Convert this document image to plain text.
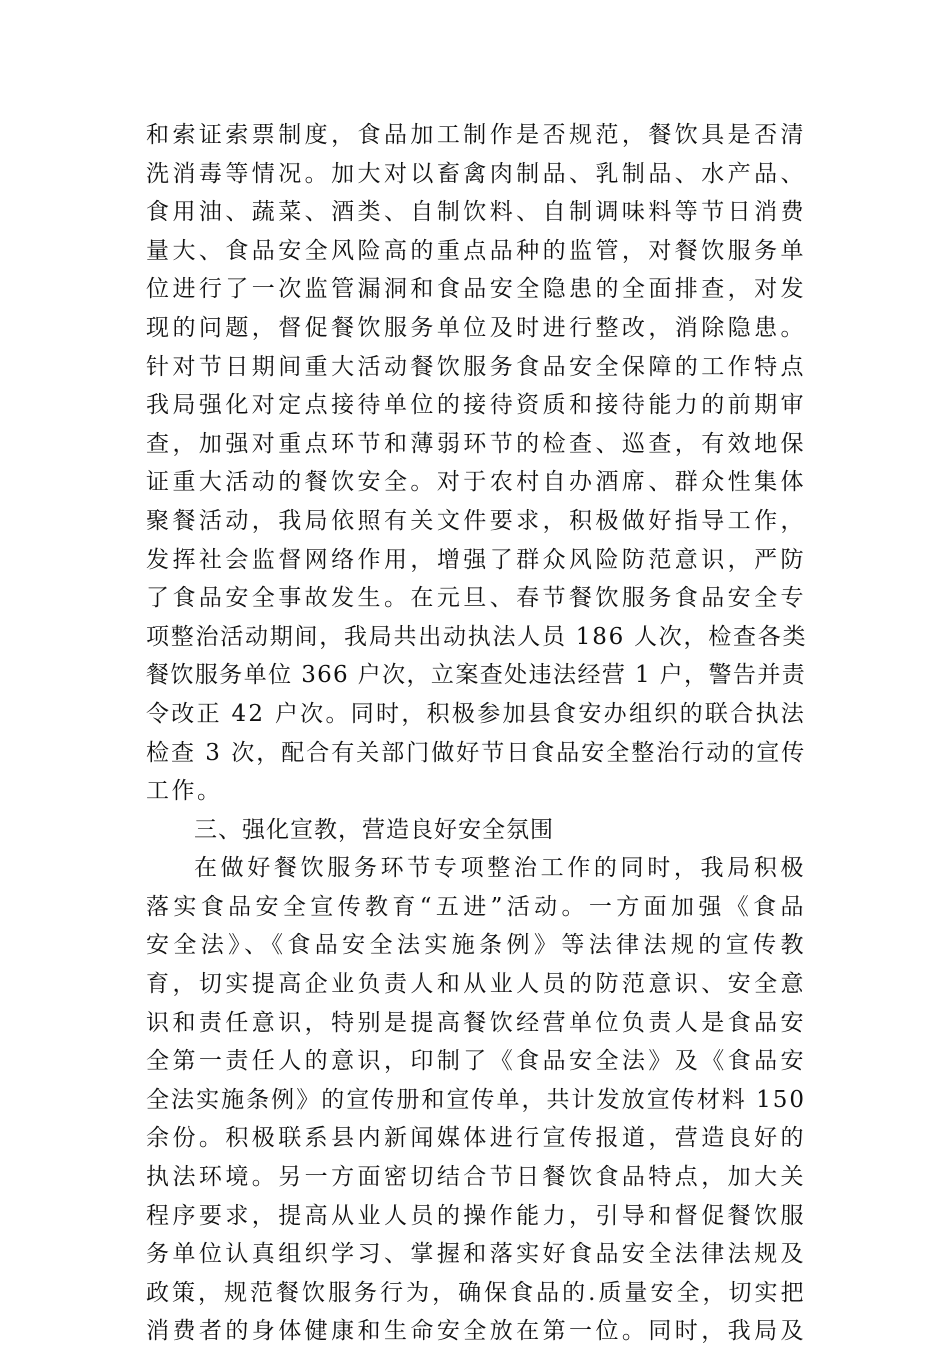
和索证索票制度，食品加工制作是否规范，餐饮具是否清
洗消毒等情况。加大对以畜禽肉制品、乳制品、水产品、
食用油、蔬菜、酒类、自制饮料、自制调味料等节日消费
量大、食品安全风险高的重点品种的监管，对餐饮服务单
位进行了一次监管漏洞和食品安全隐患的全面排查，对发
现的问题，督促餐饮服务单位及时进行整改，消除隐患。
针对节日期间重大活动餐饮服务食品安全保障的工作特点
我局强化对定点接待单位的接待资质和接待能力的前期审
查，加强对重点环节和薄弱环节的检查、巡查，有效地保
证重大活动的餐饮安全。对于农村自办酒席、群众性集体
聚餐活动，我局依照有关文件要求，积极做好指导工作，
发挥社会监督网络作用，增强了群众风险防范意识，严防
了食品安全事故发生。在元旦、春节餐饮服务食品安全专
项整治活动期间，我局共出动执法人员 186 人次，检查各类
餐饮服务单位 366 户次，立案查处违法经营 1 户，警告并责
令改正 42 户次。同时，积极参加县食安办组织的联合执法
检查 3 次，配合有关部门做好节日食品安全整治行动的宣传
工作。
三、强化宣教，营造良好安全氛围
在做好餐饮服务环节专项整治工作的同时，我局积极
落实食品安全宣传教育“五进”活动。一方面加强《食品
安全法》、《食品安全法实施条例》等法律法规的宣传教
育，切实提高企业负责人和从业人员的防范意识、安全意
识和责任意识，特别是提高餐饮经营单位负责人是食品安
全第一责任人的意识，印制了《食品安全法》及《食品安
全法实施条例》的宣传册和宣传单，共计发放宣传材料 150
余份。积极联系县内新闻媒体进行宣传报道，营造良好的
执法环境。另一方面密切结合节日餐饮食品特点，加大关
程序要求，提高从业人员的操作能力，引导和督促餐饮服
务单位认真组织学习、掌握和落实好食品安全法律法规及
政策，规范餐饮服务行为，确保食品的.质量安全，切实把
消费者的身体健康和生命安全放在第一位。同时，我局及
